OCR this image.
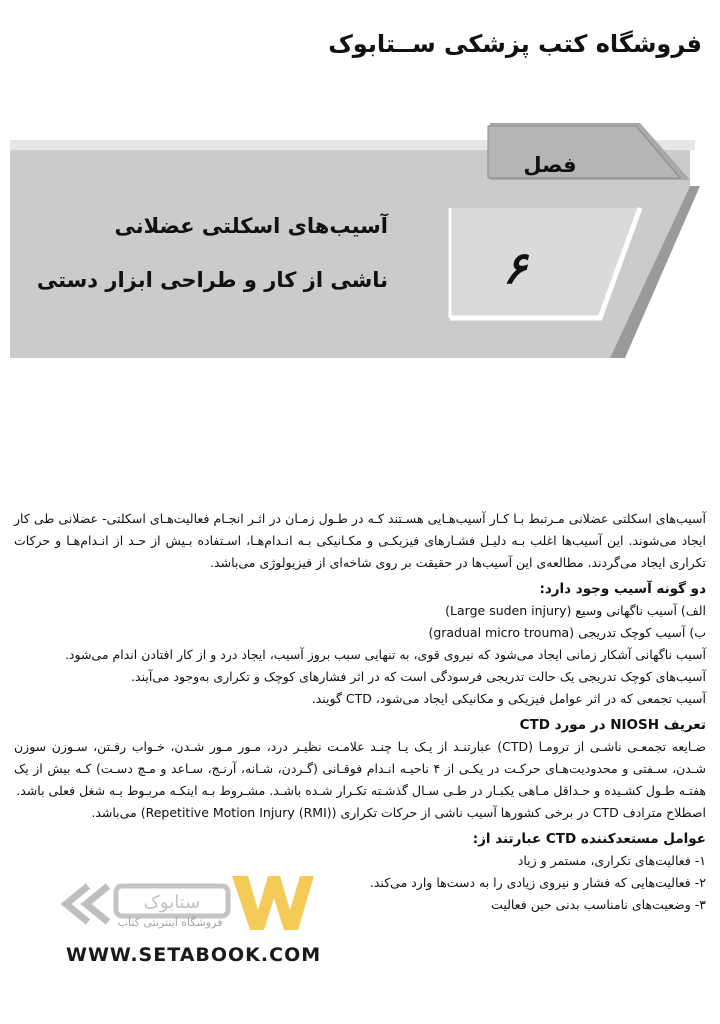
فروشگاه کتب پزشکی ســتابوک
فصل
۶
آسیب‌های اسکلتی عضلانی
ناشی از کار و طراحی ابزار دستی

آسیب‌های اسکلتی عضلانی مـرتبط بـا کـار آسیب‌هـایی هسـتند کـه در طـول زمـان در اثـر انجـام فعالیت‌هـای اسکلتی- عضلانی طی کار ایجاد می‌شوند. این آسیب‌ها اغلب بـه دلیـل فشـارهای فیزیکـی و مکـانیکی بـه انـدام‌هـا، اسـتفاده بـیش از حـد از انـدام‌هـا و حرکات تکراری ایجاد می‌گردند. مطالعه‌ی این آسیب‌ها در حقیقت بر روی شاخه‌ای از فیزیولوژی می‌باشد.

دو گونه آسیب وجود دارد:

الف) آسیب ناگهانی وسیع (Large suden injury)

ب) آسیب کوچک تدریجی (gradual micro trouma)

آسیب ناگهانی آشکار زمانی ایجاد می‌شود که نیروی قوی، به تنهایی سبب بروز آسیب، ایجاد درد و از کار افتادن اندام می‌شود.

آسیب‌های کوچک تدریجی یک حالت تدریجی فرسودگی است که در اثر فشارهای کوچک و تکراری به‌وجود می‌آیند.

آسیب تجمعی که در اثر عوامل فیزیکی و مکانیکی ایجاد می‌شود، CTD گویند.

تعریف NIOSH در مورد CTD

ضـایعه تجمعـی ناشـی از ترومـا (CTD) عبارتنـد از یـک یـا چنـد علامـت نظیـر درد، مـور مـور شـدن، خـواب رفـتن، سـوزن سوزن شـدن، سـفتی و محدودیت‌هـای حرکـت در یکـی از ۴ ناحیـه انـدام فوقـانی (گـردن، شـانه، آرنـج، سـاعد و مـچ دسـت) کـه بیش از یک هفتـه طـول کشـیده و حـداقل مـاهی یکبـار در طـی سـال گذشـته تکـرار شـده باشـد. مشـروط بـه اینکـه مربـوط بـه شغل فعلی باشد.

اصطلاح مترادف CTD در برخی کشورها آسیب ناشی از حرکات تکراری (Repetitive Motion Injury (RMI)) می‌باشد.

عوامل مستعدکننده CTD عبارتند از:

۱- فعالیت‌های تکراری، مستمر و زیاد

۲- فعالیت‌هایی که فشار و نیروی زیادی را به دست‌ها وارد می‌کند.

۳- وضعیت‌های نامناسب بدنی حین فعالیت

ستابوک
فروشگاه اینترنتی کتاب
WWW.SETABOOK.COM
